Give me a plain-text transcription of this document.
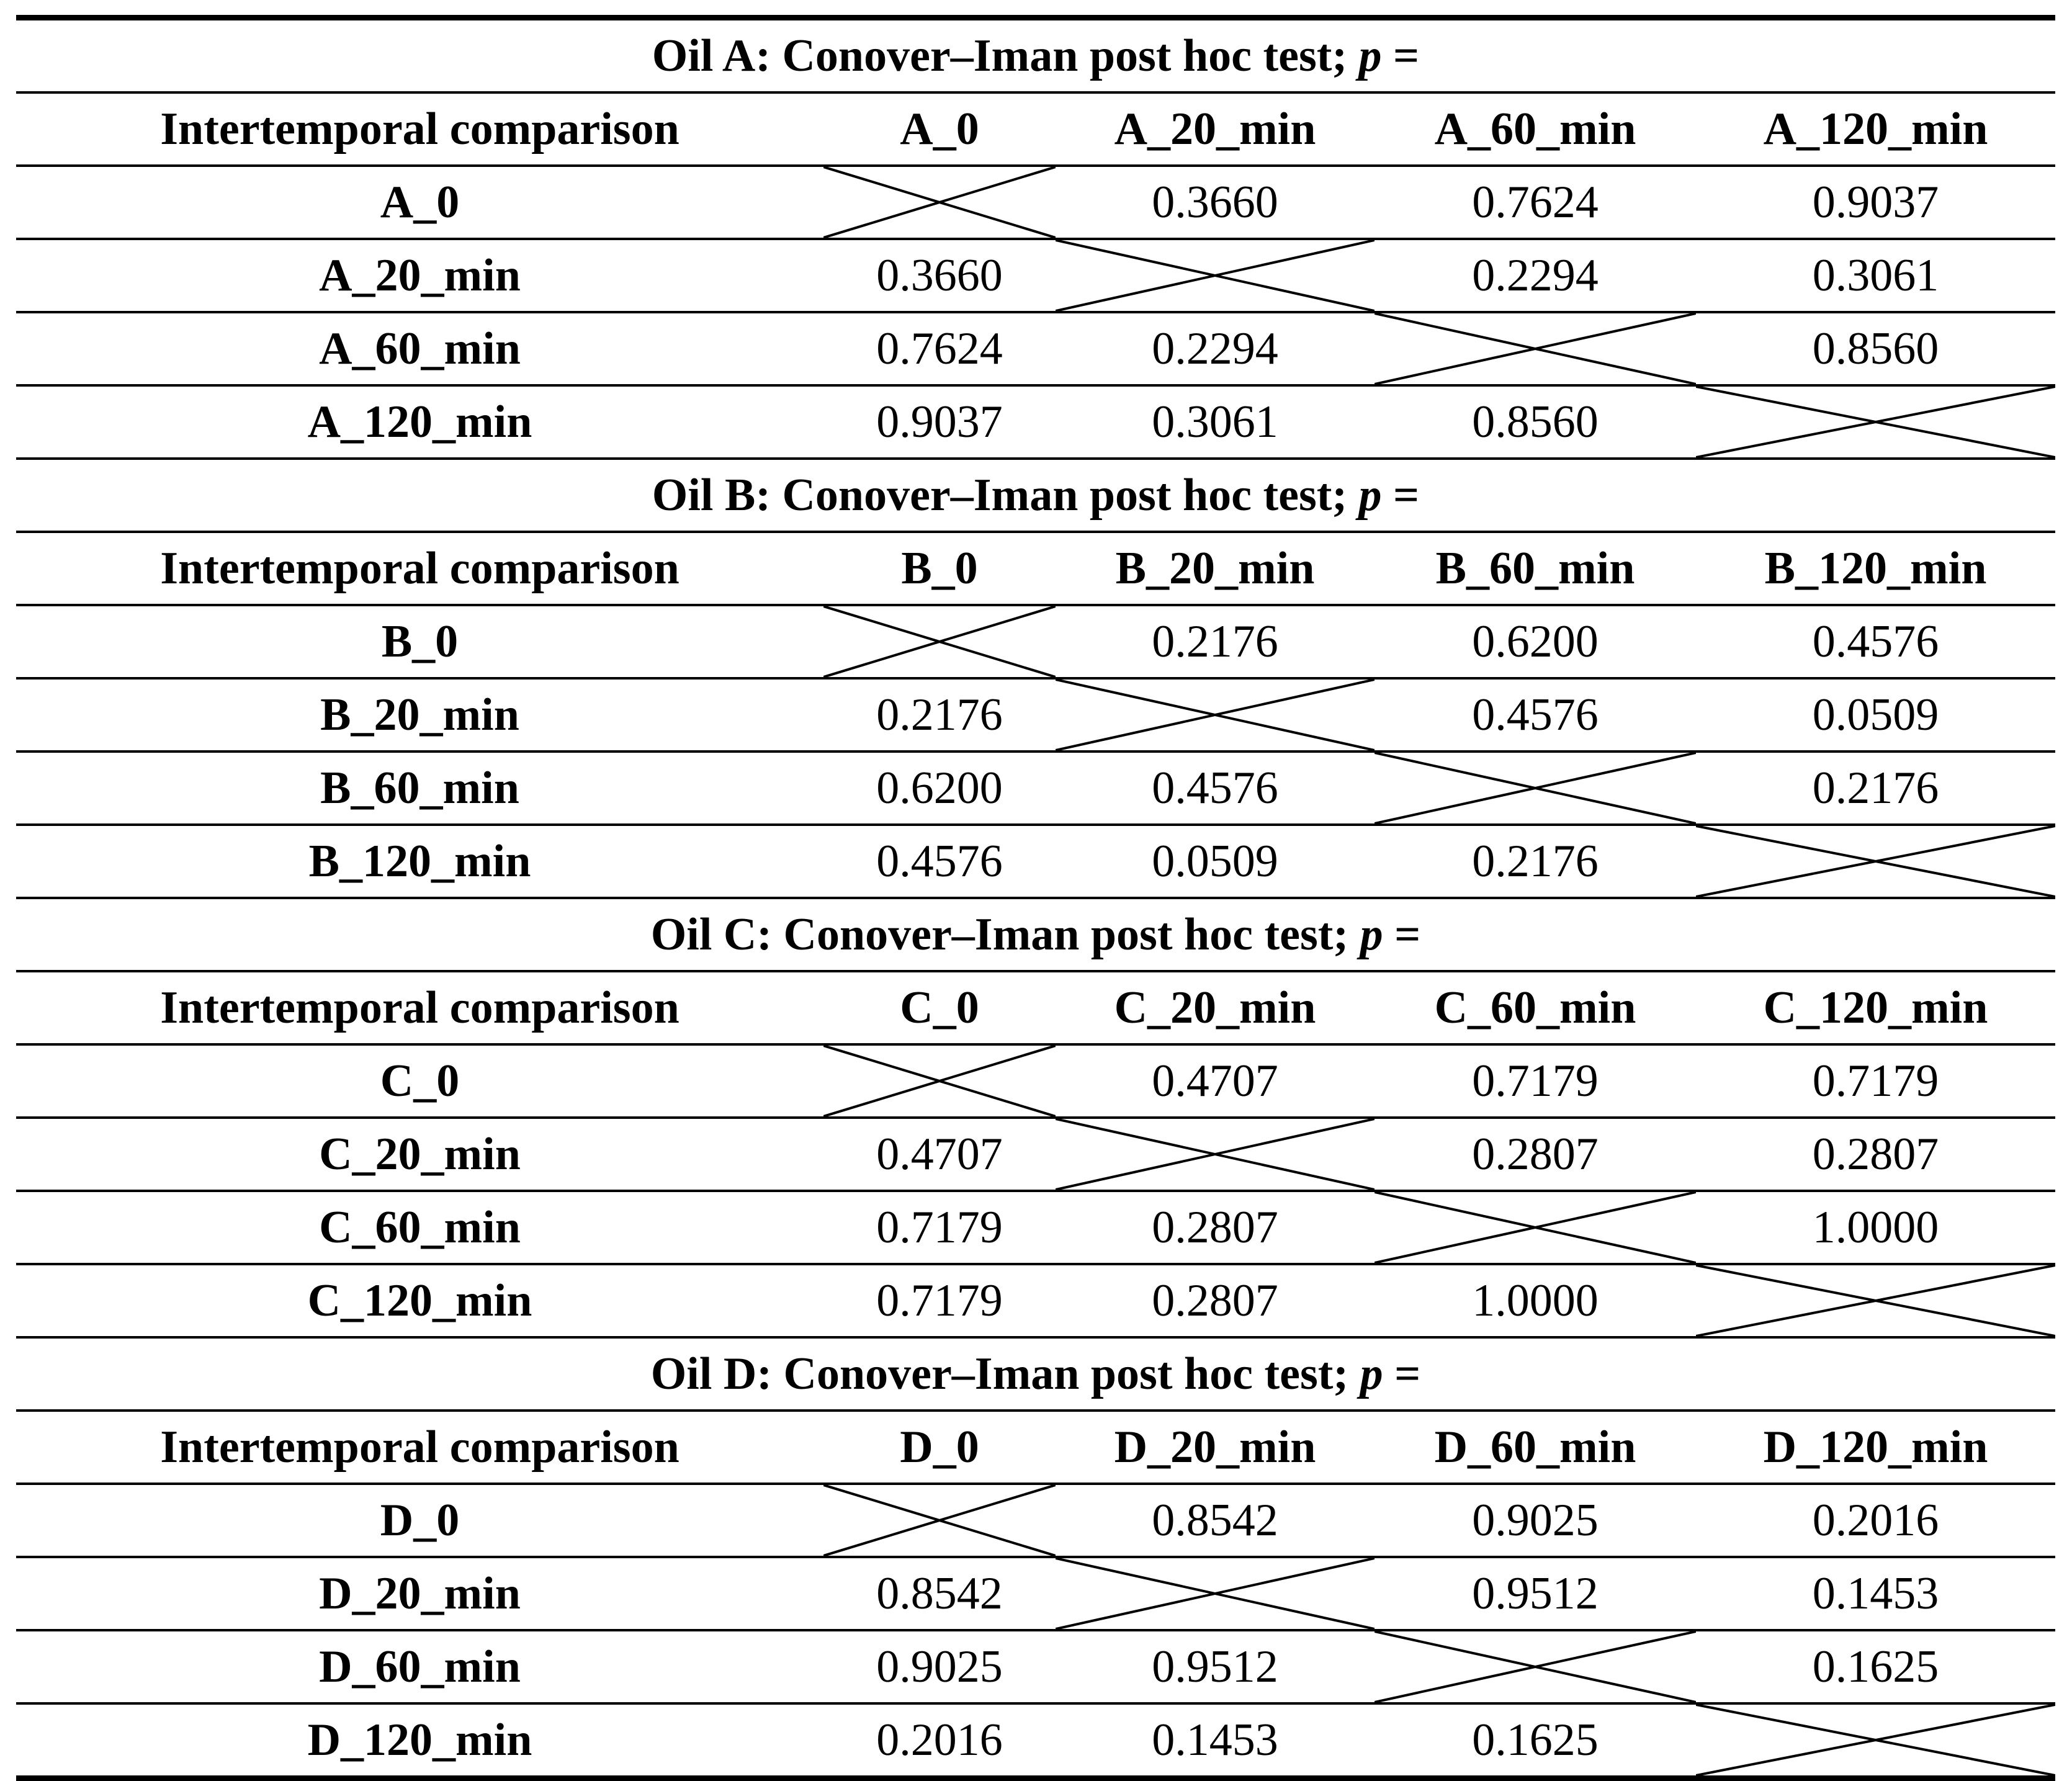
Oil A: Conover–Iman post hoc test; p =				
Intertemporal comparison	A_0	A_20_min	A_60_min	A_120_min
A_0		0.3660	0.7624	0.9037
A_20_min	0.3660		0.2294	0.3061
A_60_min	0.7624	0.2294		0.8560
A_120_min	0.9037	0.3061	0.8560	

Oil B: Conover–Iman post hoc test; p =				
Intertemporal comparison	B_0	B_20_min	B_60_min	B_120_min
B_0		0.2176	0.6200	0.4576
B_20_min	0.2176		0.4576	0.0509
B_60_min	0.6200	0.4576		0.2176
B_120_min	0.4576	0.0509	0.2176	

Oil C: Conover–Iman post hoc test; p =				
Intertemporal comparison	C_0	C_20_min	C_60_min	C_120_min
C_0		0.4707	0.7179	0.7179
C_20_min	0.4707		0.2807	0.2807
C_60_min	0.7179	0.2807		1.0000
C_120_min	0.7179	0.2807	1.0000	

Oil D: Conover–Iman post hoc test; p =				
Intertemporal comparison	D_0	D_20_min	D_60_min	D_120_min
D_0		0.8542	0.9025	0.2016
D_20_min	0.8542		0.9512	0.1453
D_60_min	0.9025	0.9512		0.1625
D_120_min	0.2016	0.1453	0.1625	
